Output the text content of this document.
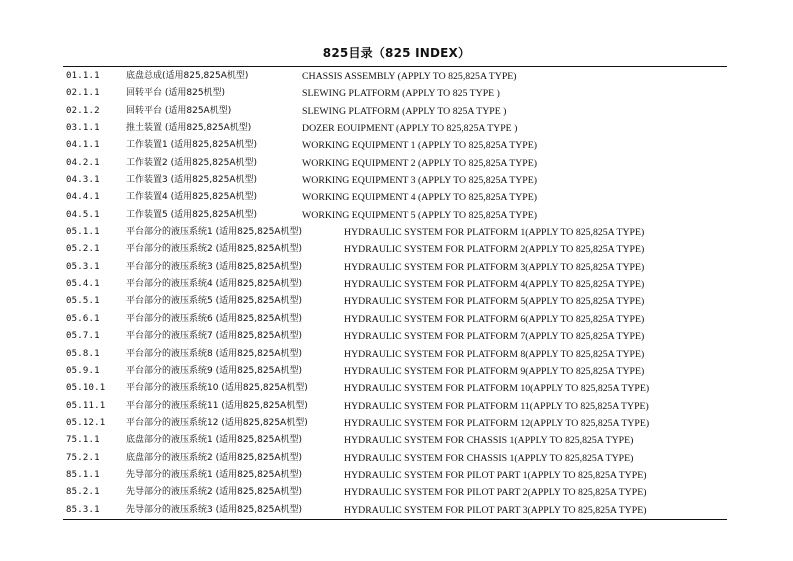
825目录（825 INDEX）
01.1.1	底盘总成(适用825,825A机型)	CHASSIS ASSEMBLY (APPLY TO 825,825A TYPE)
02.1.1	回转平台 (适用825机型)	SLEWING PLATFORM (APPLY TO 825 TYPE )
02.1.2	回转平台 (适用825A机型)	SLEWING PLATFORM (APPLY TO 825A TYPE )
03.1.1	推土装置 (适用825,825A机型)	DOZER EOUIPMENT (APPLY TO 825,825A TYPE )
04.1.1	工作装置1 (适用825,825A机型)	WORKING EQUIPMENT 1 (APPLY TO 825,825A TYPE)
04.2.1	工作装置2 (适用825,825A机型)	WORKING EQUIPMENT 2 (APPLY TO 825,825A TYPE)
04.3.1	工作装置3 (适用825,825A机型)	WORKING EQUIPMENT 3 (APPLY TO 825,825A TYPE)
04.4.1	工作装置4 (适用825,825A机型)	WORKING EQUIPMENT 4 (APPLY TO 825,825A TYPE)
04.5.1	工作装置5 (适用825,825A机型)	WORKING EQUIPMENT 5 (APPLY TO 825,825A TYPE)
05.1.1	平台部分的液压系统1 (适用825,825A机型)	HYDRAULIC SYSTEM FOR PLATFORM 1(APPLY TO 825,825A TYPE)
05.2.1	平台部分的液压系统2 (适用825,825A机型)	HYDRAULIC SYSTEM FOR PLATFORM 2(APPLY TO 825,825A TYPE)
05.3.1	平台部分的液压系统3 (适用825,825A机型)	HYDRAULIC SYSTEM FOR PLATFORM 3(APPLY TO 825,825A TYPE)
05.4.1	平台部分的液压系统4 (适用825,825A机型)	HYDRAULIC SYSTEM FOR PLATFORM 4(APPLY TO 825,825A TYPE)
05.5.1	平台部分的液压系统5 (适用825,825A机型)	HYDRAULIC SYSTEM FOR PLATFORM 5(APPLY TO 825,825A TYPE)
05.6.1	平台部分的液压系统6 (适用825,825A机型)	HYDRAULIC SYSTEM FOR PLATFORM 6(APPLY TO 825,825A TYPE)
05.7.1	平台部分的液压系统7 (适用825,825A机型)	HYDRAULIC SYSTEM FOR PLATFORM 7(APPLY TO 825,825A TYPE)
05.8.1	平台部分的液压系统8 (适用825,825A机型)	HYDRAULIC SYSTEM FOR PLATFORM 8(APPLY TO 825,825A TYPE)
05.9.1	平台部分的液压系统9 (适用825,825A机型)	HYDRAULIC SYSTEM FOR PLATFORM 9(APPLY TO 825,825A TYPE)
05.10.1 平台部分的液压系统10 (适用825,825A机型)	HYDRAULIC SYSTEM FOR PLATFORM 10(APPLY TO 825,825A TYPE)
05.11.1 平台部分的液压系统11 (适用825,825A机型)	HYDRAULIC SYSTEM FOR PLATFORM 11(APPLY TO 825,825A TYPE)
05.12.1 平台部分的液压系统12 (适用825,825A机型)	HYDRAULIC SYSTEM FOR PLATFORM 12(APPLY TO 825,825A TYPE)
75.1.1	底盘部分的液压系统1 (适用825,825A机型)	HYDRAULIC SYSTEM FOR CHASSIS 1(APPLY TO 825,825A TYPE)
75.2.1	底盘部分的液压系统2 (适用825,825A机型)	HYDRAULIC SYSTEM FOR CHASSIS 1(APPLY TO 825,825A TYPE)
85.1.1	先导部分的液压系统1 (适用825,825A机型)	HYDRAULIC SYSTEM FOR PILOT PART 1(APPLY TO 825,825A TYPE)
85.2.1	先导部分的液压系统2 (适用825,825A机型)	HYDRAULIC SYSTEM FOR PILOT PART 2(APPLY TO 825,825A TYPE)
85.3.1	先导部分的液压系统3 (适用825,825A机型)	HYDRAULIC SYSTEM FOR PILOT PART 3(APPLY TO 825,825A TYPE)
